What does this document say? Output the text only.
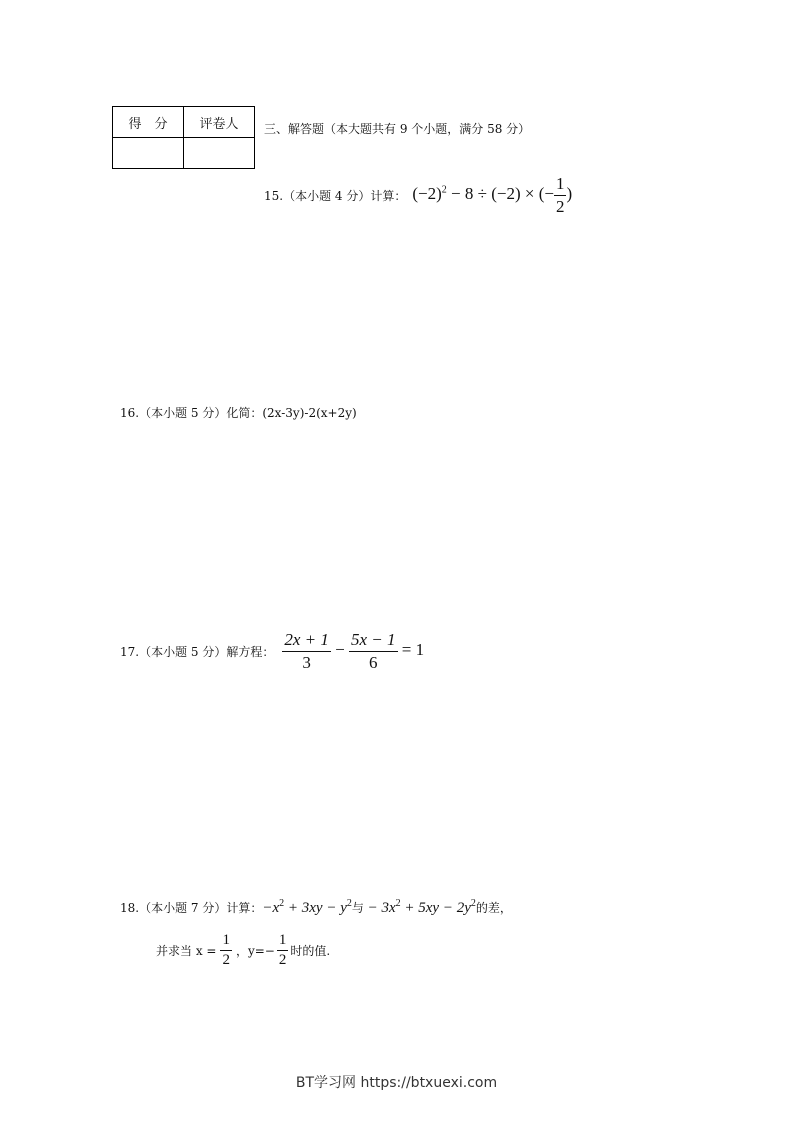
得　分	评卷人
	三、解答题（本大题共有 9 个小题，满分 58 分）
15.（本小题 4 分）计算： $(-2)^2 - 8 \div (-2)$ × (− $\frac{1}{2}$ )
16.（本小题 5 分）化简：(2x-3y)-2(x+2y)
17.（本小题 5 分）解方程： $\frac{2x + 1}{3} - \frac{5x - 1}{6} = 1$
18.（本小题 7 分）计算： $-x^2 + 3xy - y^2$与 − $3x^2 + 5xy - 2y^2$的差，
并求当 $x = \frac{1}{2}$ ，$y=- \frac{1}{2}$ 时的值.
BT学习网 https://btxuexi.com
